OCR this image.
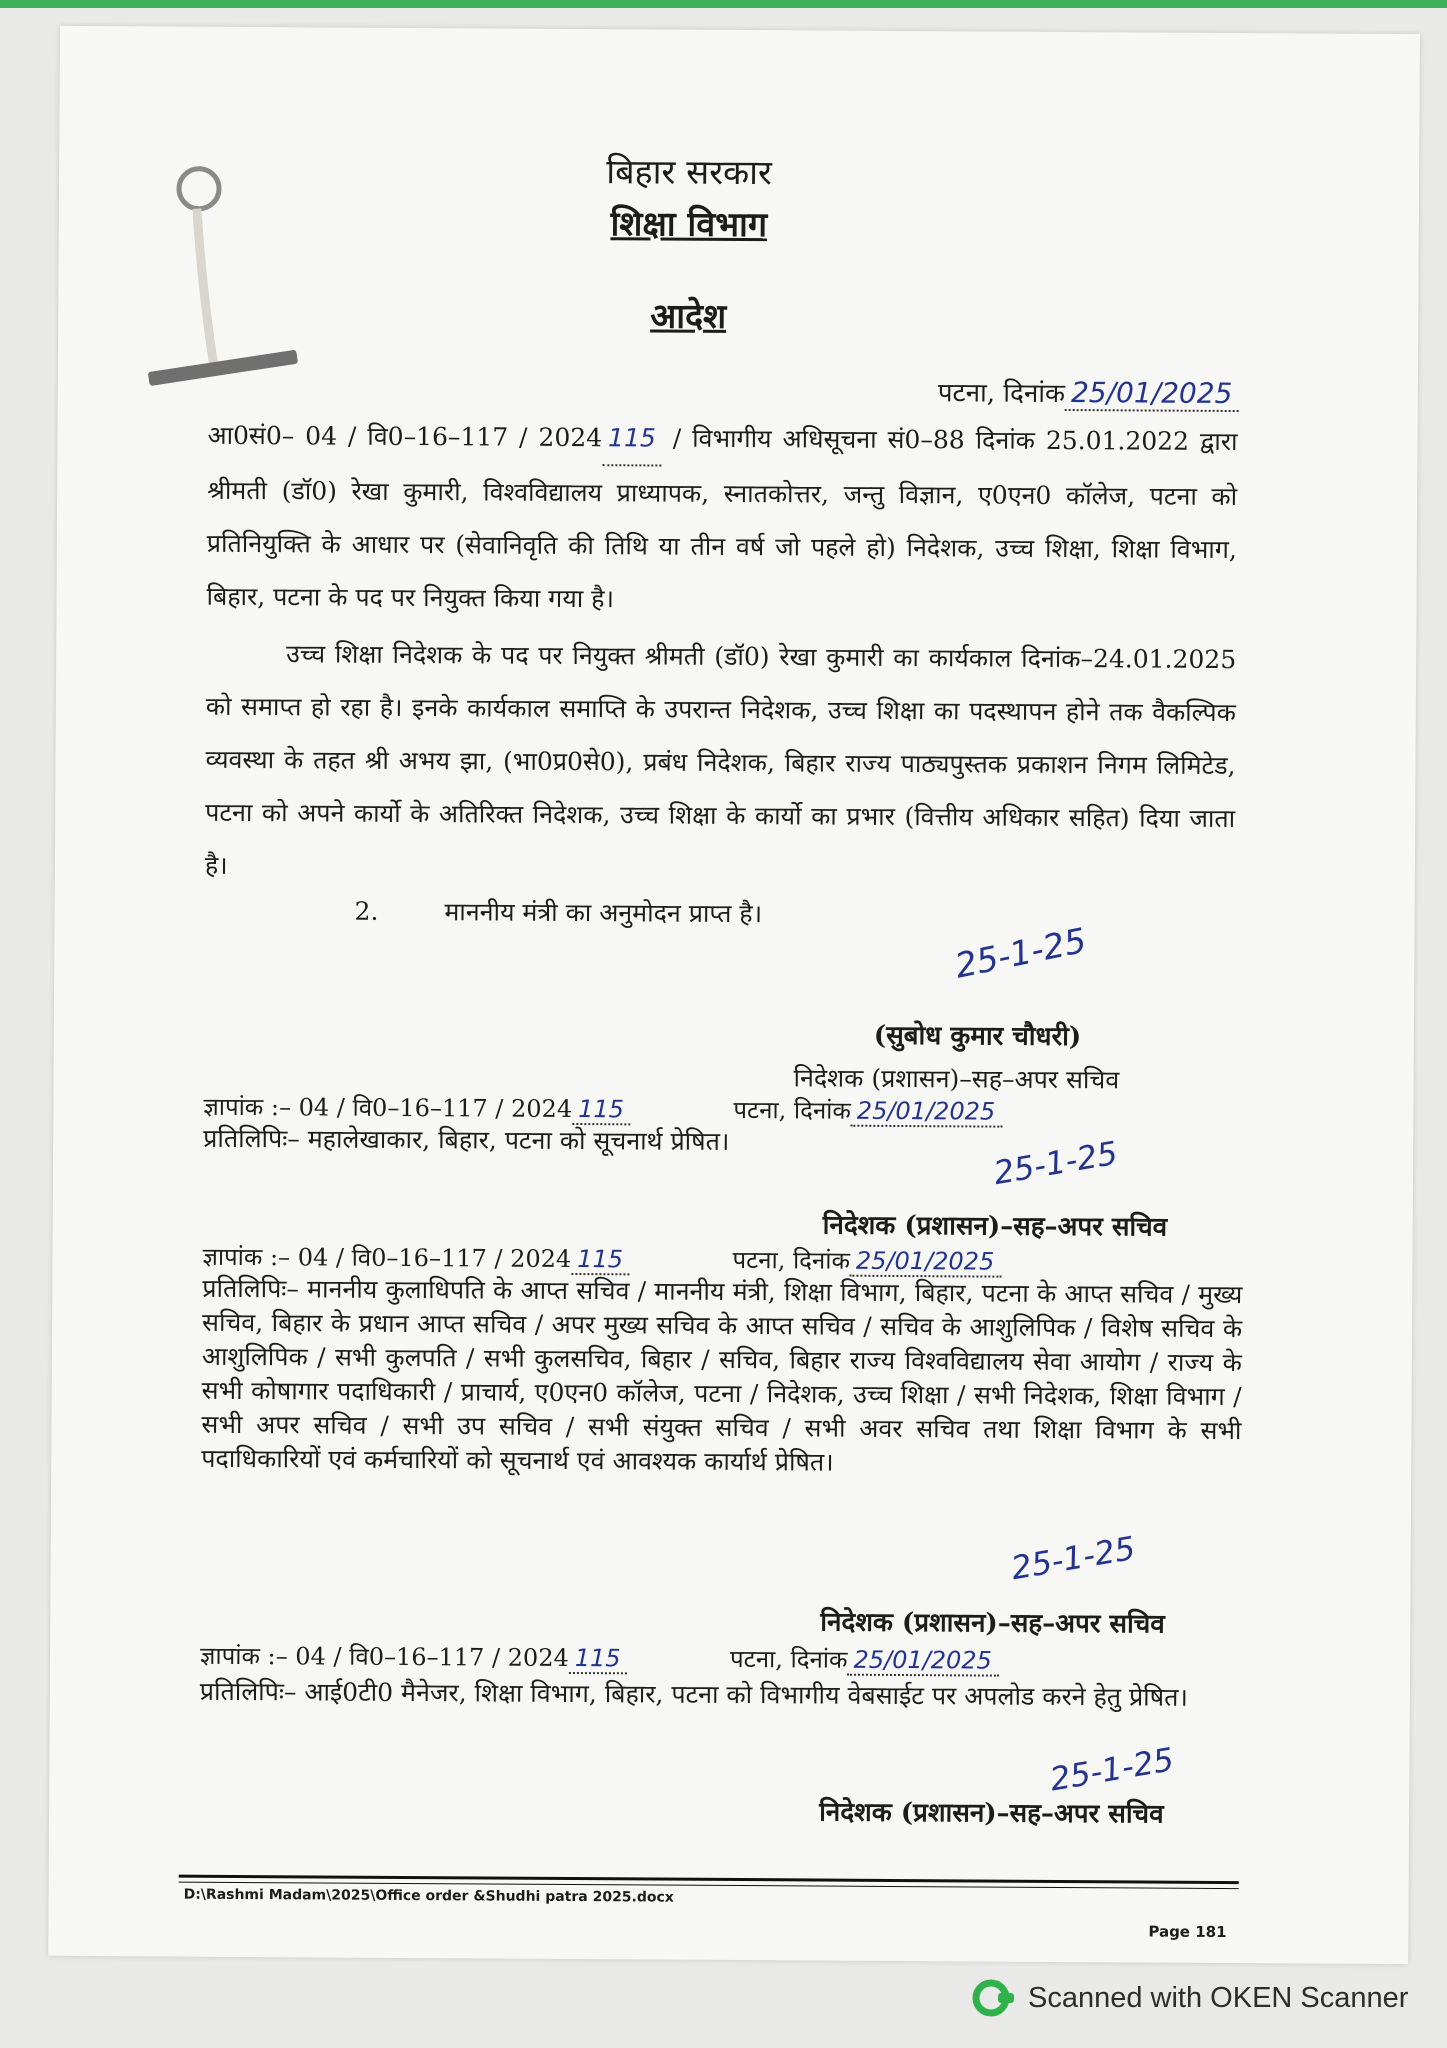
बिहार सरकार
शिक्षा विभाग
आदेश
पटना, दिनांक 25/01/2025
आ0सं0– 04 / वि0–16–117 / 2024 115 / विभागीय अधिसूचना सं0–88 दिनांक 25.01.2022 द्वारा श्रीमती (डॉ0) रेखा कुमारी, विश्वविद्यालय प्राध्यापक, स्नातकोत्तर, जन्तु विज्ञान, ए0एन0 कॉलेज, पटना को प्रतिनियुक्ति के आधार पर (सेवानिवृति की तिथि या तीन वर्ष जो पहले हो) निदेशक, उच्च शिक्षा, शिक्षा विभाग, बिहार, पटना के पद पर नियुक्त किया गया है।
उच्च शिक्षा निदेशक के पद पर नियुक्त श्रीमती (डॉ0) रेखा कुमारी का कार्यकाल दिनांक–24.01.2025 को समाप्त हो रहा है। इनके कार्यकाल समाप्ति के उपरान्त निदेशक, उच्च शिक्षा का पदस्थापन होने तक वैकल्पिक व्यवस्था के तहत श्री अभय झा, (भा0प्र0से0), प्रबंध निदेशक, बिहार राज्य पाठ्यपुस्तक प्रकाशन निगम लिमिटेड, पटना को अपने कार्यो के अतिरिक्त निदेशक, उच्च शिक्षा के कार्यो का प्रभार (वित्तीय अधिकार सहित) दिया जाता है।
2.	माननीय मंत्री का अनुमोदन प्राप्त है।
25-1-25
(सुबोध कुमार चौधरी)
निदेशक (प्रशासन)–सह–अपर सचिव
ज्ञापांक :– 04 / वि0–16–117 / 2024 115	पटना, दिनांक 25/01/2025
प्रतिलिपिः– महालेखाकार, बिहार, पटना को सूचनार्थ प्रेषित।	25-1-25
निदेशक (प्रशासन)–सह–अपर सचिव
ज्ञापांक :– 04 / वि0–16–117 / 2024 115	पटना, दिनांक 25/01/2025
प्रतिलिपिः– माननीय कुलाधिपति के आप्त सचिव / माननीय मंत्री, शिक्षा विभाग, बिहार, पटना के आप्त सचिव / मुख्य सचिव, बिहार के प्रधान आप्त सचिव / अपर मुख्य सचिव के आप्त सचिव / सचिव के आशुलिपिक / विशेष सचिव के आशुलिपिक / सभी कुलपति / सभी कुलसचिव, बिहार / सचिव, बिहार राज्य विश्वविद्यालय सेवा आयोग / राज्य के सभी कोषागार पदाधिकारी / प्राचार्य, ए0एन0 कॉलेज, पटना / निदेशक, उच्च शिक्षा / सभी निदेशक, शिक्षा विभाग / सभी अपर सचिव / सभी उप सचिव / सभी संयुक्त सचिव / सभी अवर सचिव तथा शिक्षा विभाग के सभी पदाधिकारियों एवं कर्मचारियों को सूचनार्थ एवं आवश्यक कार्यार्थ प्रेषित।
25-1-25
निदेशक (प्रशासन)–सह–अपर सचिव
ज्ञापांक :– 04 / वि0–16–117 / 2024 115	पटना, दिनांक 25/01/2025
प्रतिलिपिः– आई0टी0 मैनेजर, शिक्षा विभाग, बिहार, पटना को विभागीय वेबसाईट पर अपलोड करने हेतु प्रेषित।
25-1-25
निदेशक (प्रशासन)–सह–अपर सचिव
D:\Rashmi Madam\2025\Office order &Shudhi patra 2025.docx
Page 181
Scanned with OKEN Scanner
